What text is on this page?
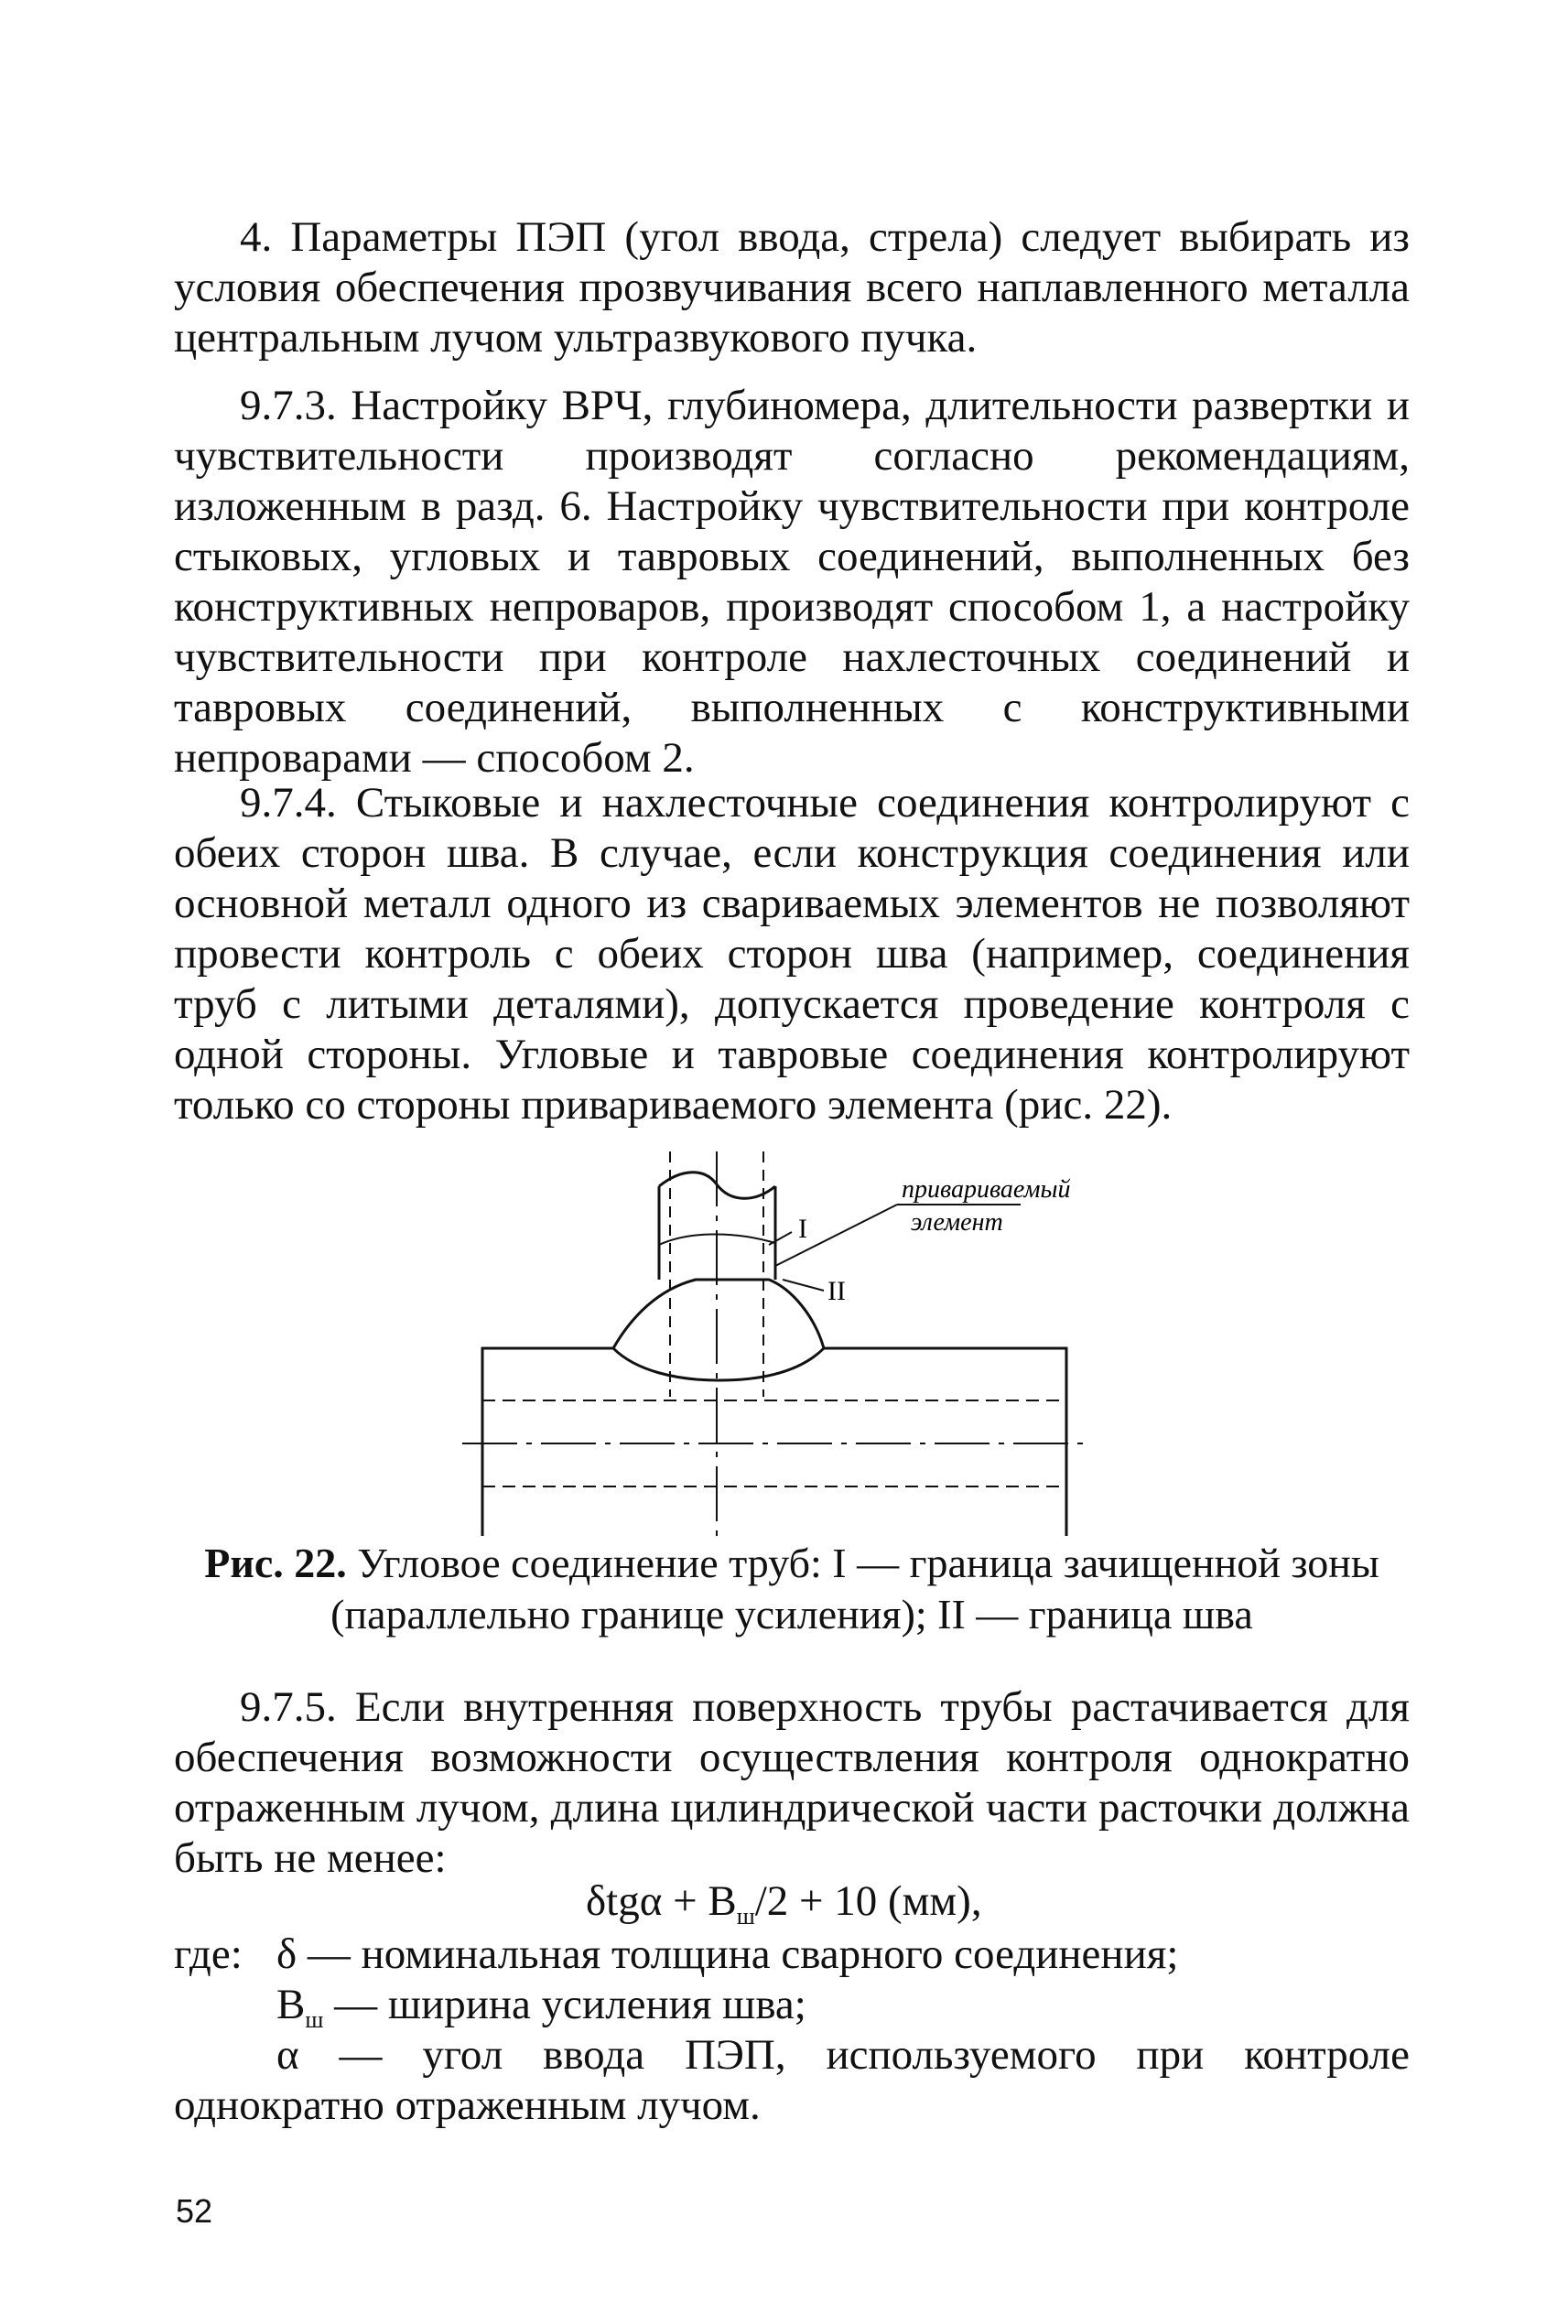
4. Параметры ПЭП (угол ввода, стрела) следует выбирать из условия обеспечения прозвучивания всего наплавленного металла центральным лучом ультразвукового пучка.

9.7.3. Настройку ВРЧ, глубиномера, длительности развертки и чувствительности производят согласно рекомендациям, изложенным в разд. 6. Настройку чувствительности при контроле стыковых, угловых и тавровых соединений, выполненных без конструктивных непроваров, производят способом 1, а настройку чувствительности при контроле нахлесточных соединений и тавровых соединений, выполненных с конструктивными непроварами — способом 2.

9.7.4. Стыковые и нахлесточные соединения контролируют с обеих сторон шва. В случае, если конструкция соединения или основной металл одного из свариваемых элементов не позволяют провести контроль с обеих сторон шва (например, соединения труб с литыми деталями), допускается проведение контроля с одной стороны. Угловые и тавровые соединения контролируют только со стороны привариваемого элемента (рис. 22).

привариваемый
элемент
I
II

Рис. 22. Угловое соединение труб: I — граница зачищенной зоны
(параллельно границе усиления); II — граница шва

9.7.5. Если внутренняя поверхность трубы растачивается для обеспечения возможности осуществления контроля однократно отраженным лучом, длина цилиндрической части расточки должна быть не менее:

$\delta tg\alpha + В_ш/2 + 10$ (мм),
где: δ — номинальная толщина сварного соединения;
$В_ш$ — ширина усиления шва;
α — угол ввода ПЭП, используемого при контроле однократно отраженным лучом.
52
